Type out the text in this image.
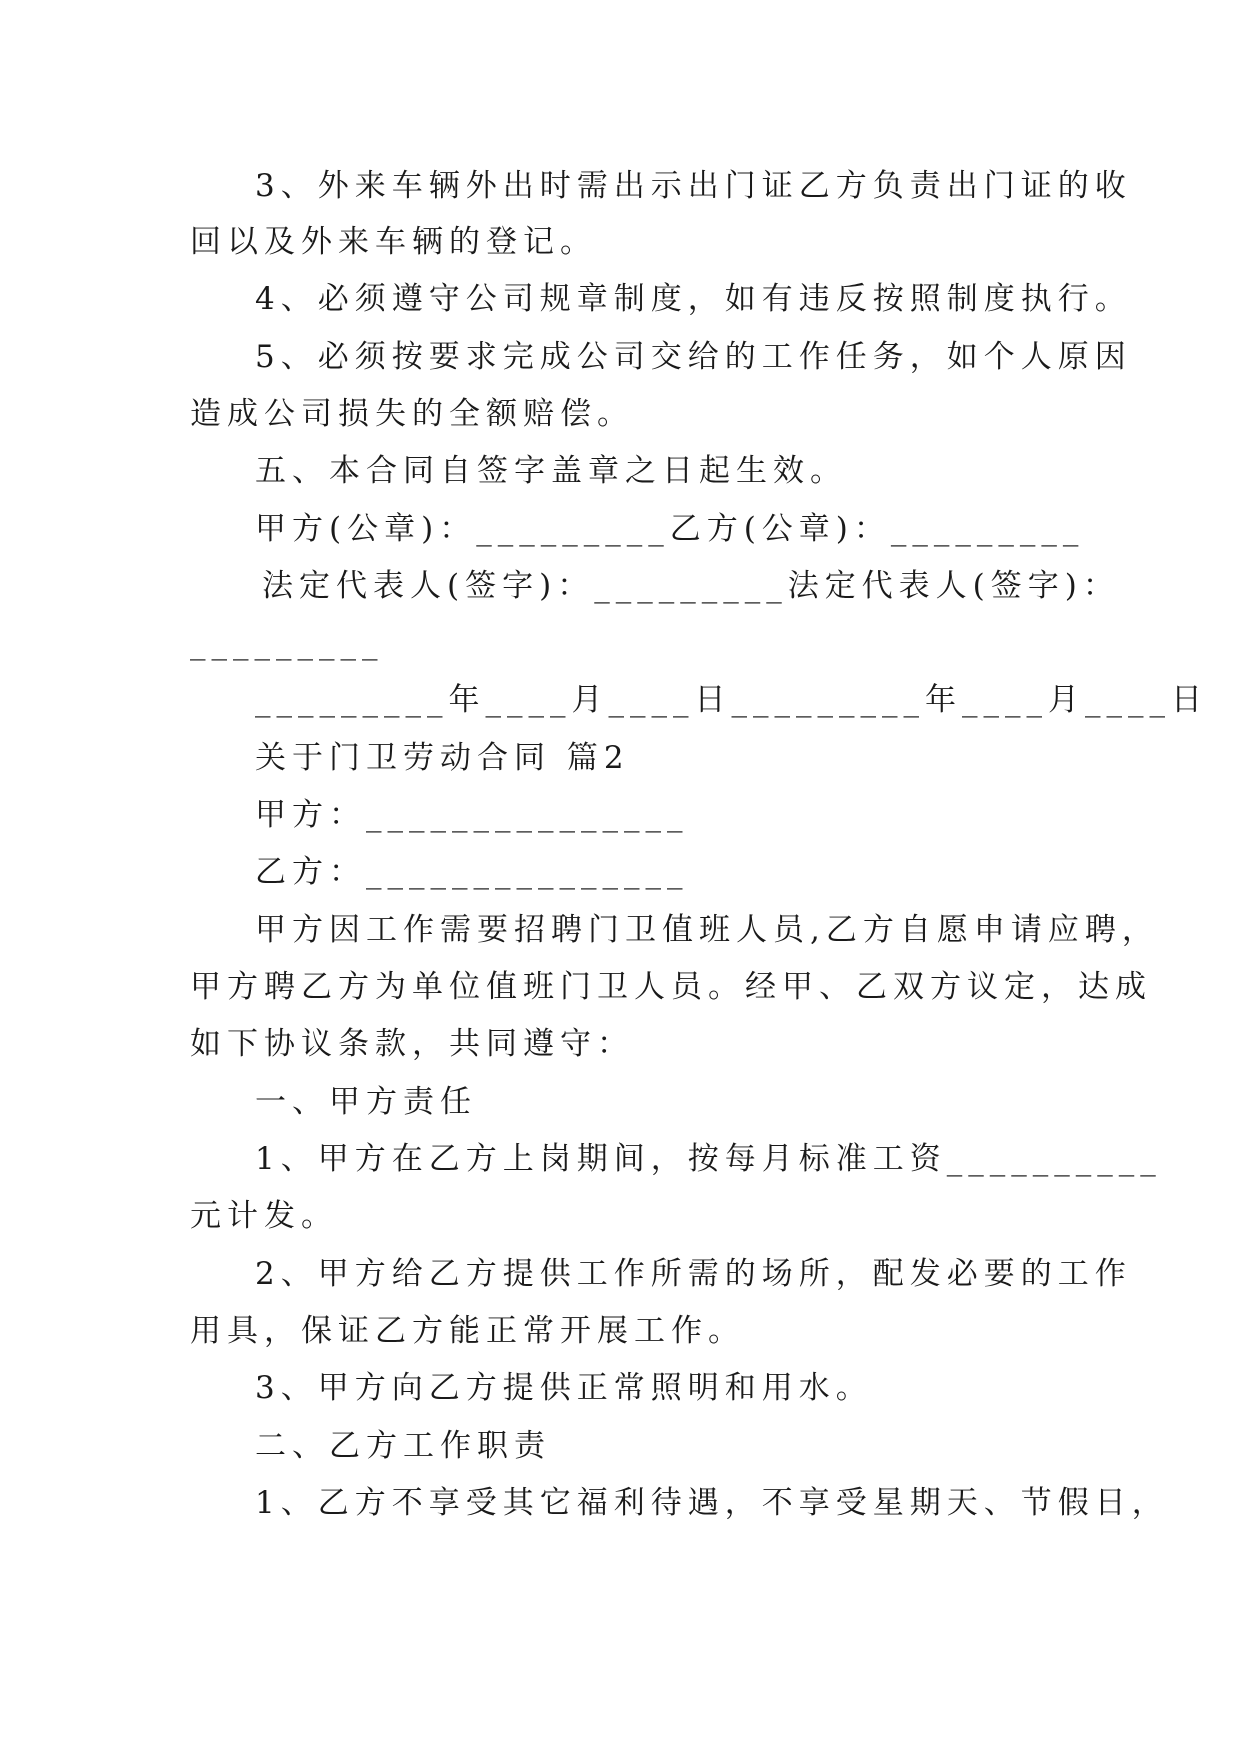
3、外来车辆外出时需出示出门证乙方负责出门证的收
回以及外来车辆的登记。
4、必须遵守公司规章制度，如有违反按照制度执行。
5、必须按要求完成公司交给的工作任务，如个人原因
造成公司损失的全额赔偿。
五、本合同自签字盖章之日起生效。
甲方(公章)：_________乙方(公章)：_________
法定代表人(签字)：_________法定代表人(签字)：
_________
_________年____月____日_________年____月____日
关于门卫劳动合同 篇2
甲方：_______________
乙方：_______________
甲方因工作需要招聘门卫值班人员,乙方自愿申请应聘，
甲方聘乙方为单位值班门卫人员。经甲、乙双方议定，达成
如下协议条款，共同遵守：
一、甲方责任
1、甲方在乙方上岗期间，按每月标准工资__________
元计发。
2、甲方给乙方提供工作所需的场所，配发必要的工作
用具，保证乙方能正常开展工作。
3、甲方向乙方提供正常照明和用水。
二、乙方工作职责
1、乙方不享受其它福利待遇，不享受星期天、节假日，
